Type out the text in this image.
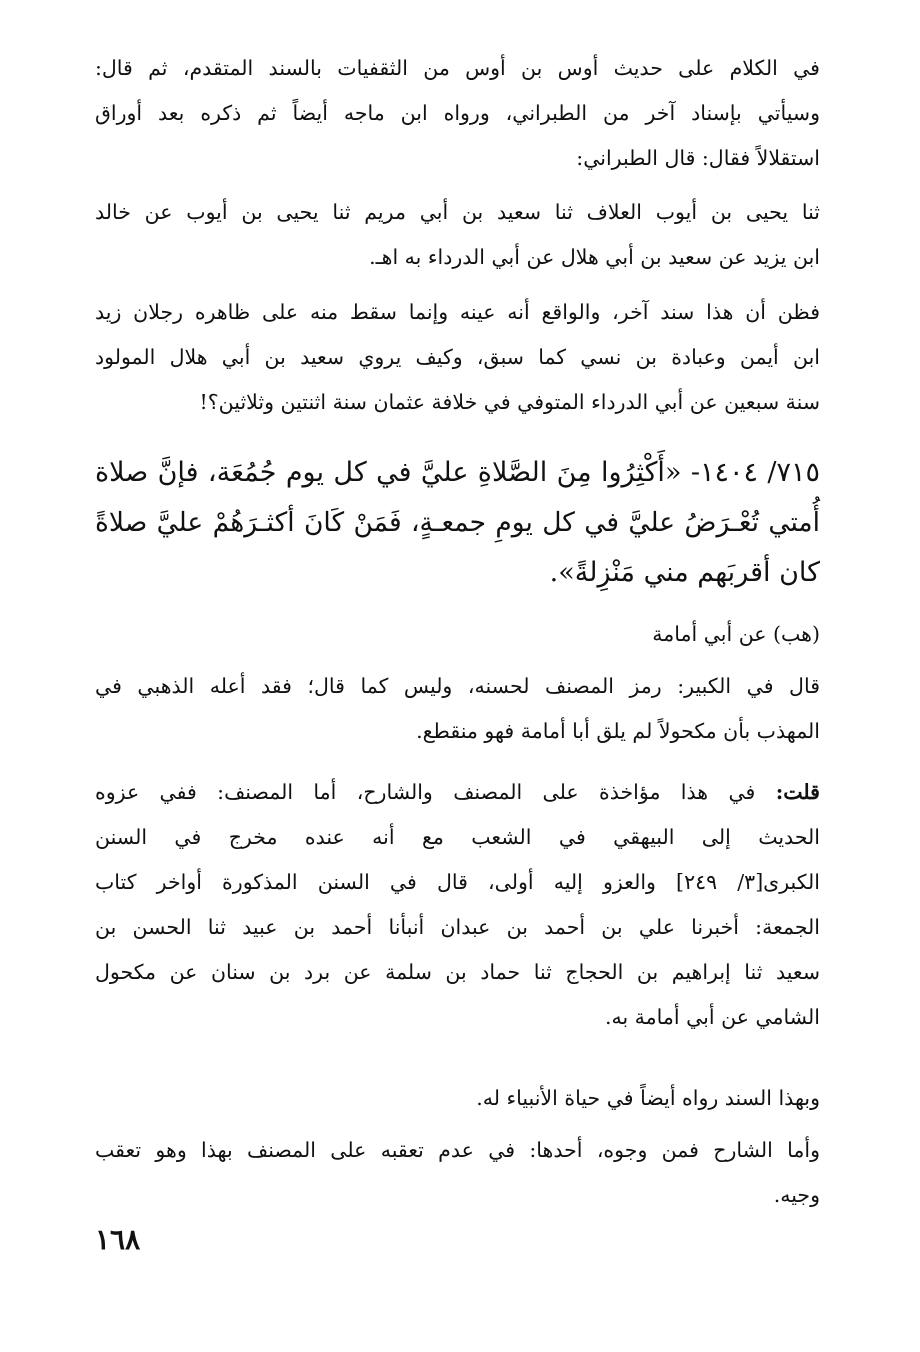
في الكلام على حديث أوس بن أوس من الثقفيات بالسند المتقدم، ثم قال:
وسيأتي بإسناد آخر من الطبراني، ورواه ابن ماجه أيضاً ثم ذكره بعد أوراق
استقلالاً فقال: قال الطبراني:
ثنا يحيى بن أيوب العلاف ثنا سعيد بن أبي مريم ثنا يحيى بن أيوب عن خالد
ابن يزيد عن سعيد بن أبي هلال عن أبي الدرداء به اهـ.
فظن أن هذا سند آخر، والواقع أنه عينه وإنما سقط منه على ظاهره رجلان زيد
ابن أيمن وعبادة بن نسي كما سبق، وكيف يروي سعيد بن أبي هلال المولود
سنة سبعين عن أبي الدرداء المتوفي في خلافة عثمان سنة اثنتين وثلاثين؟!
٧١٥/ ١٤٠٤- «أَكْثِرُوا مِنَ الصَّلاةِ عليَّ في كل يوم جُمُعَة، فإنَّ صلاة
أُمتي تُعْـرَضُ عليَّ في كل يومِ جمعـةٍ، فَمَنْ كَانَ أكثـرَهُمْ عليَّ صلاةً
كان أقربَهم مني مَنْزِلةً».
(هب) عن أبي أمامة
قال في الكبير: رمز المصنف لحسنه، وليس كما قال؛ فقد أعله الذهبي في
المهذب بأن مكحولاً لم يلق أبا أمامة فهو منقطع.
قلت: في هذا مؤاخذة على المصنف والشارح، أما المصنف: ففي عزوه
الحديث إلى البيهقي في الشعب مع أنه عنده مخرج في السنن
الكبرى[٣/ ٢٤٩] والعزو إليه أولى، قال في السنن المذكورة أواخر كتاب
الجمعة: أخبرنا علي بن أحمد بن عبدان أنبأنا أحمد بن عبيد ثنا الحسن بن
سعيد ثنا إبراهيم بن الحجاج ثنا حماد بن سلمة عن برد بن سنان عن مكحول
الشامي عن أبي أمامة به.
وبهذا السند رواه أيضاً في حياة الأنبياء له.
وأما الشارح فمن وجوه، أحدها: في عدم تعقبه على المصنف بهذا وهو تعقب
وجيه.
١٦٨
